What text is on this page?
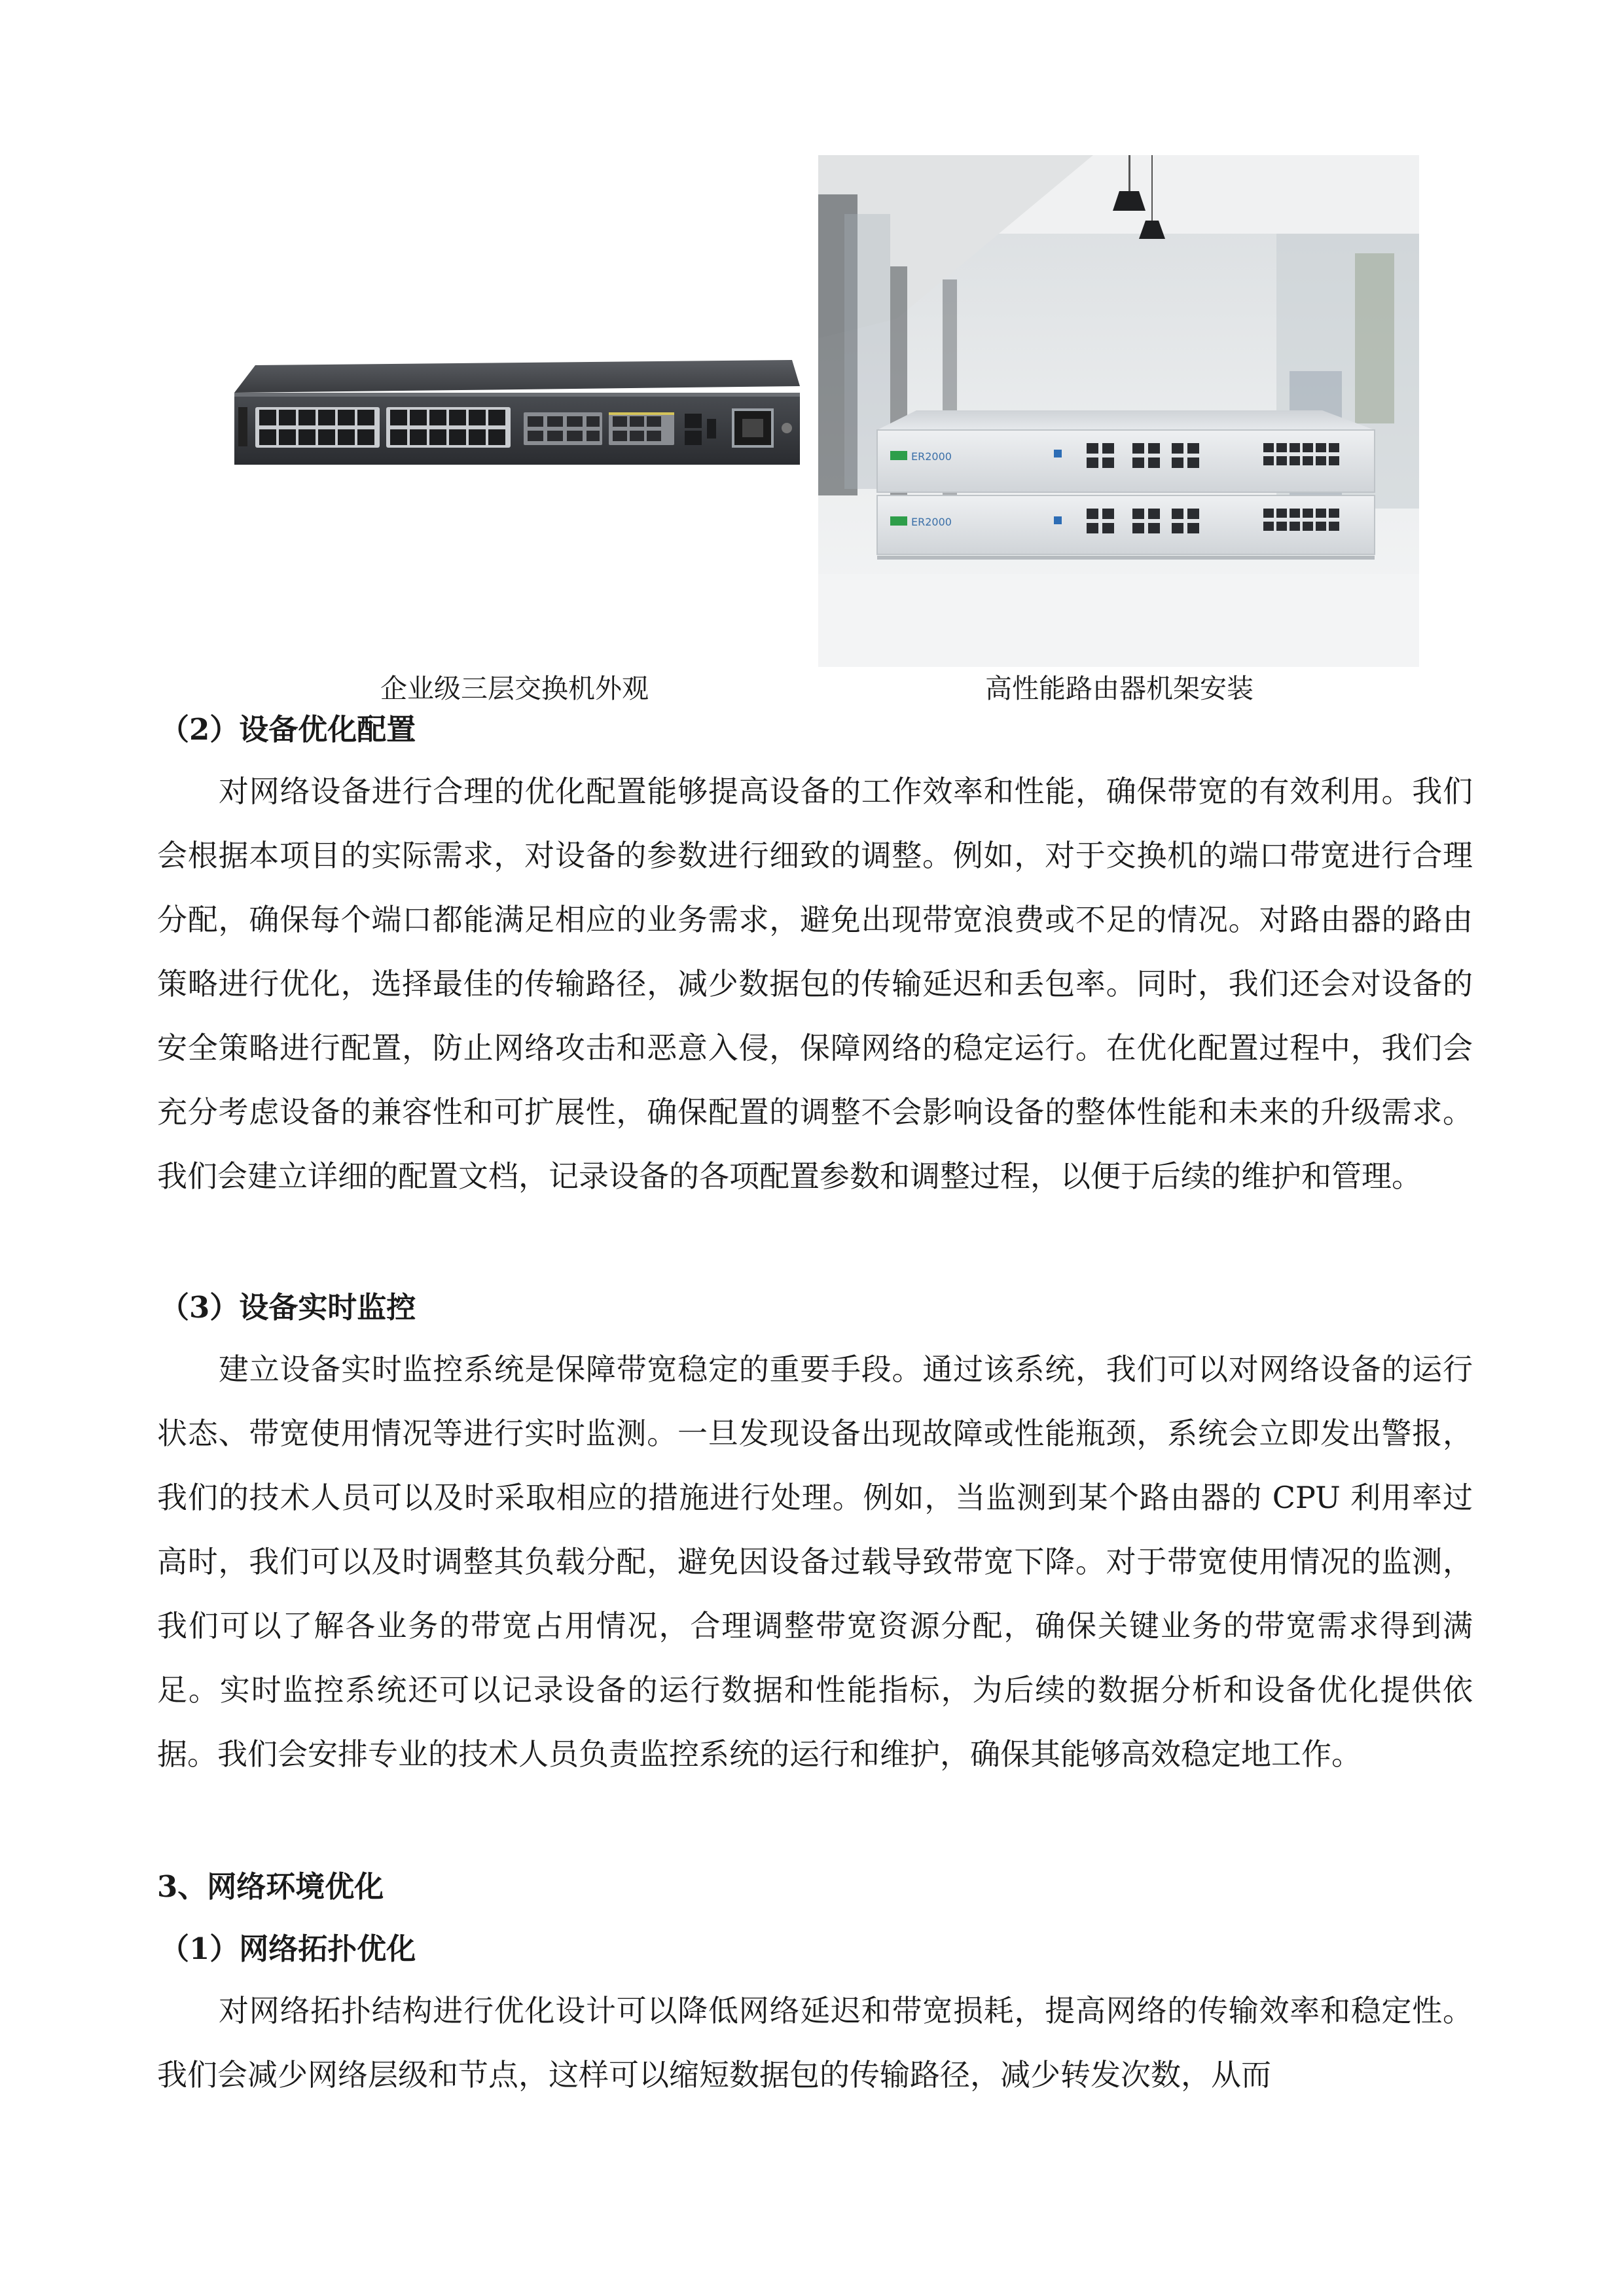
ER2000
ER2000
企业级三层交换机外观	高性能路由器机架安装
（2）设备优化配置

对网络设备进行合理的优化配置能够提高设备的工作效率和性能，确保带宽的有效利用。我们会根据本项目的实际需求，对设备的参数进行细致的调整。例如，对于交换机的端口带宽进行合理分配，确保每个端口都能满足相应的业务需求，避免出现带宽浪费或不足的情况。对路由器的路由策略进行优化，选择最佳的传输路径，减少数据包的传输延迟和丢包率。同时，我们还会对设备的安全策略进行配置，防止网络攻击和恶意入侵，保障网络的稳定运行。在优化配置过程中，我们会充分考虑设备的兼容性和可扩展性，确保配置的调整不会影响设备的整体性能和未来的升级需求。我们会建立详细的配置文档，记录设备的各项配置参数和调整过程，以便于后续的维护和管理。

（3）设备实时监控

建立设备实时监控系统是保障带宽稳定的重要手段。通过该系统，我们可以对网络设备的运行状态、带宽使用情况等进行实时监测。一旦发现设备出现故障或性能瓶颈，系统会立即发出警报，我们的技术人员可以及时采取相应的措施进行处理。例如，当监测到某个路由器的 CPU 利用率过高时，我们可以及时调整其负载分配，避免因设备过载导致带宽下降。对于带宽使用情况的监测，我们可以了解各业务的带宽占用情况，合理调整带宽资源分配，确保关键业务的带宽需求得到满足。实时监控系统还可以记录设备的运行数据和性能指标，为后续的数据分析和设备优化提供依据。我们会安排专业的技术人员负责监控系统的运行和维护，确保其能够高效稳定地工作。

3、网络环境优化
（1）网络拓扑优化

对网络拓扑结构进行优化设计可以降低网络延迟和带宽损耗，提高网络的传输效率和稳定性。我们会减少网络层级和节点，这样可以缩短数据包的传输路径，减少转发次数，从而
